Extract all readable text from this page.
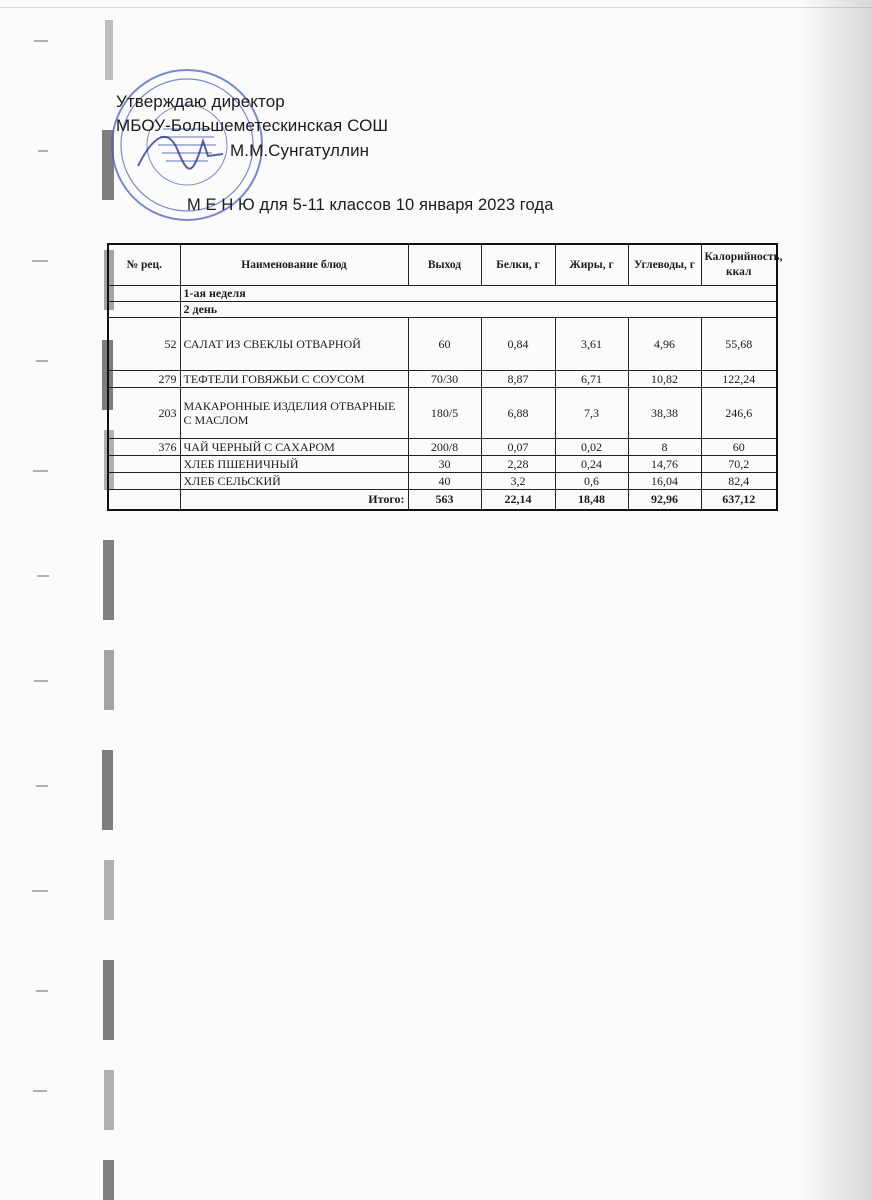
Утверждаю директор
МБОУ-Большеметескинская СОШ
М.М.Сунгатуллин
М Е Н Ю для 5-11 классов 10 января 2023 года
№ рец.	Наименование блюд	Выход	Белки, г	Жиры, г	Углеводы, г	Калорийность, ккал
	1-ая неделя					
	2 день					
52	САЛАТ ИЗ СВЕКЛЫ ОТВАРНОЙ	60	0,84	3,61	4,96	55,68
279	ТЕФТЕЛИ ГОВЯЖЬИ С СОУСОМ	70/30	8,87	6,71	10,82	122,24
203	МАКАРОННЫЕ ИЗДЕЛИЯ ОТВАРНЫЕ С МАСЛОМ	180/5	6,88	7,3	38,38	246,6
376	ЧАЙ ЧЕРНЫЙ С САХАРОМ	200/8	0,07	0,02	8	60
	ХЛЕБ ПШЕНИЧНЫЙ	30	2,28	0,24	14,76	70,2
	ХЛЕБ СЕЛЬСКИЙ	40	3,2	0,6	16,04	82,4
	Итого:	563	22,14	18,48	92,96	637,12
